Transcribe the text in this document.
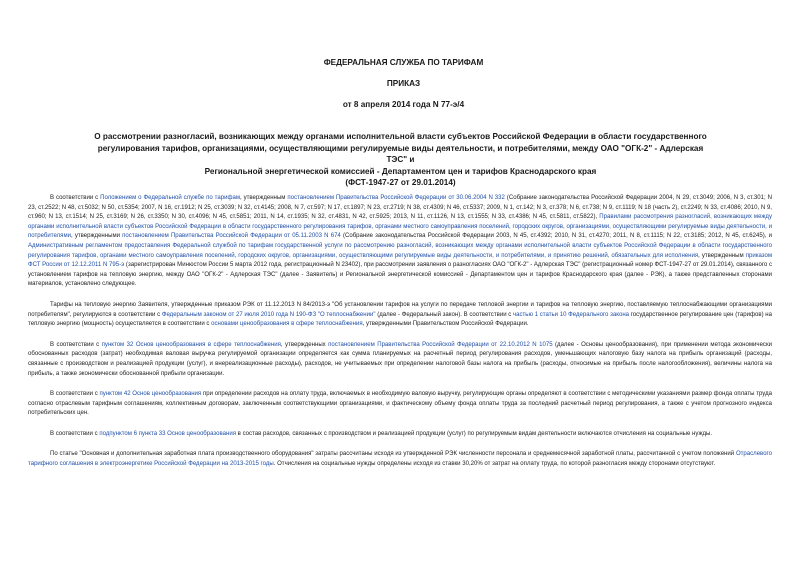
ФЕДЕРАЛЬНАЯ СЛУЖБА ПО ТАРИФАМ

ПРИКАЗ

от 8 апреля 2014 года N 77-э/4

О рассмотрении разногласий, возникающих между органами исполнительной власти субъектов Российской Федерации в области государственного
регулирования тарифов, организациями, осуществляющими регулируемые виды деятельности, и потребителями, между ОАО "ОГК-2" - Адлерская ТЭС" и
Региональной энергетической комиссией - Департаментом цен и тарифов Краснодарского края
(ФСТ-1947-27 от 29.01.2014)

В соответствии с Положением о Федеральной службе по тарифам, утвержденным постановлением Правительства Российской Федерации от 30.06.2004 N 332 (Собрание законодательства Российской Федерации 2004, N 29, ст.3049; 2006, N 3, ст.301; N 23, ст.2522; N 48, ст.5032; N 50, ст.5354; 2007, N 16, ст.1912; N 25, ст.3039; N 32, ст.4145; 2008, N 7, ст.597; N 17, ст.1897; N 23, ст.2719; N 38, ст.4309; N 46, ст.5337; 2009, N 1, ст.142; N 3, ст.378; N 6, ст.738; N 9, ст.1119; N 18 (часть 2), ст.2249; N 33, ст.4086; 2010, N 9, ст.960; N 13, ст.1514; N 25, ст.3169; N 26, ст.3350; N 30, ст.4096; N 45, ст.5851; 2011, N 14, ст.1935; N 32, ст.4831, N 42, ст.5925; 2013, N 11, ст.1126, N 13, ст.1555; N 33, ст.4386; N 45, ст.5811, ст.5822), Правилами рассмотрения разногласий, возникающих между органами исполнительной власти субъектов Российской Федерации в области государственного регулирования тарифов, органами местного самоуправления поселений, городских округов, организациями, осуществляющими регулируемые виды деятельности, и потребителями, утвержденными постановлением Правительства Российской Федерации от 05.11.2003 N 674 (Собрание законодательства Российской Федерации 2003, N 45, ст.4392; 2010, N 31, ст.4270; 2011, N 8, ст.1115; N 22, ст.3185; 2012, N 45, ст.6245), и Административным регламентом предоставления Федеральной службой по тарифам государственной услуги по рассмотрению разногласий, возникающих между органами исполнительной власти субъектов Российской Федерации в области государственного регулирования тарифов, органами местного самоуправления поселений, городских округов, организациями, осуществляющими регулируемые виды деятельности, и потребителями, и принятию решений, обязательных для исполнения, утвержденным приказом ФСТ России от 12.12.2011 N 795-э (зарегистрирован Минюстом России 5 марта 2012 года, регистрационный N 23402), при рассмотрении заявления о разногласиях ОАО "ОГК-2" - Адлерская ТЭС" (регистрационный номер ФСТ-1947-27 от 29.01.2014), связанного с установлением тарифов на тепловую энергию, между ОАО "ОГК-2" - Адлерская ТЭС" (далее - Заявитель) и Региональной энергетической комиссией - Департаментом цен и тарифов Краснодарского края (далее - РЭК), а также представленных сторонами материалов, установлено следующее.

Тарифы на тепловую энергию Заявителя, утвержденные приказом РЭК от 11.12.2013 N 84/2013-э "Об установлении тарифов на услуги по передаче тепловой энергии и тарифов на тепловую энергию, поставляемую теплоснабжающими организациями потребителям", регулируются в соответствии с Федеральным законом от 27 июля 2010 года N 190-ФЗ "О теплоснабжении" (далее - Федеральный закон). В соответствии с частью 1 статьи 10 Федерального закона государственное регулирование цен (тарифов) на тепловую энергию (мощность) осуществляется в соответствии с основами ценообразования в сфере теплоснабжения, утвержденными Правительством Российской Федерации.

В соответствии с пунктом 32 Основ ценообразования в сфере теплоснабжения, утвержденных постановлением Правительства Российской Федерации от 22.10.2012 N 1075 (далее - Основы ценообразования), при применении метода экономически обоснованных расходов (затрат) необходимая валовая выручка регулируемой организации определяется как сумма планируемых на расчетный период регулирования расходов, уменьшающих налоговую базу налога на прибыль организаций (расходы, связанные с производством и реализацией продукции (услуг), и внереализационные расходы), расходов, не учитываемых при определении налоговой базы налога на прибыль (расходы, относимые на прибыль после налогообложения), величины налога на прибыль, а также экономически обоснованной прибыли организации.

В соответствии с пунктом 42 Основ ценообразования при определении расходов на оплату труда, включаемых в необходимую валовую выручку, регулирующие органы определяют в соответствии с методическими указаниями размер фонда оплаты труда согласно отраслевым тарифным соглашениям, коллективным договорам, заключенным соответствующими организациями, и фактическому объему фонда оплаты труда за последний расчетный период регулирования, а также с учетом прогнозного индекса потребительских цен.

В соответствии с подпунктом 6 пункта 33 Основ ценообразования в состав расходов, связанных с производством и реализацией продукции (услуг) по регулируемым видам деятельности включаются отчисления на социальные нужды.

По статье "Основная и дополнительная заработная плата производственного оборудования" затраты рассчитаны исходя из утвержденной РЭК численности персонала и среднемесячной заработной платы, рассчитанной с учетом положений Отраслевого тарифного соглашения в электроэнергетике Российской Федерации на 2013-2015 годы. Отчисления на социальные нужды определены исходя из ставки 30,20% от затрат на оплату труда, по которой разногласия между сторонами отсутствуют.
